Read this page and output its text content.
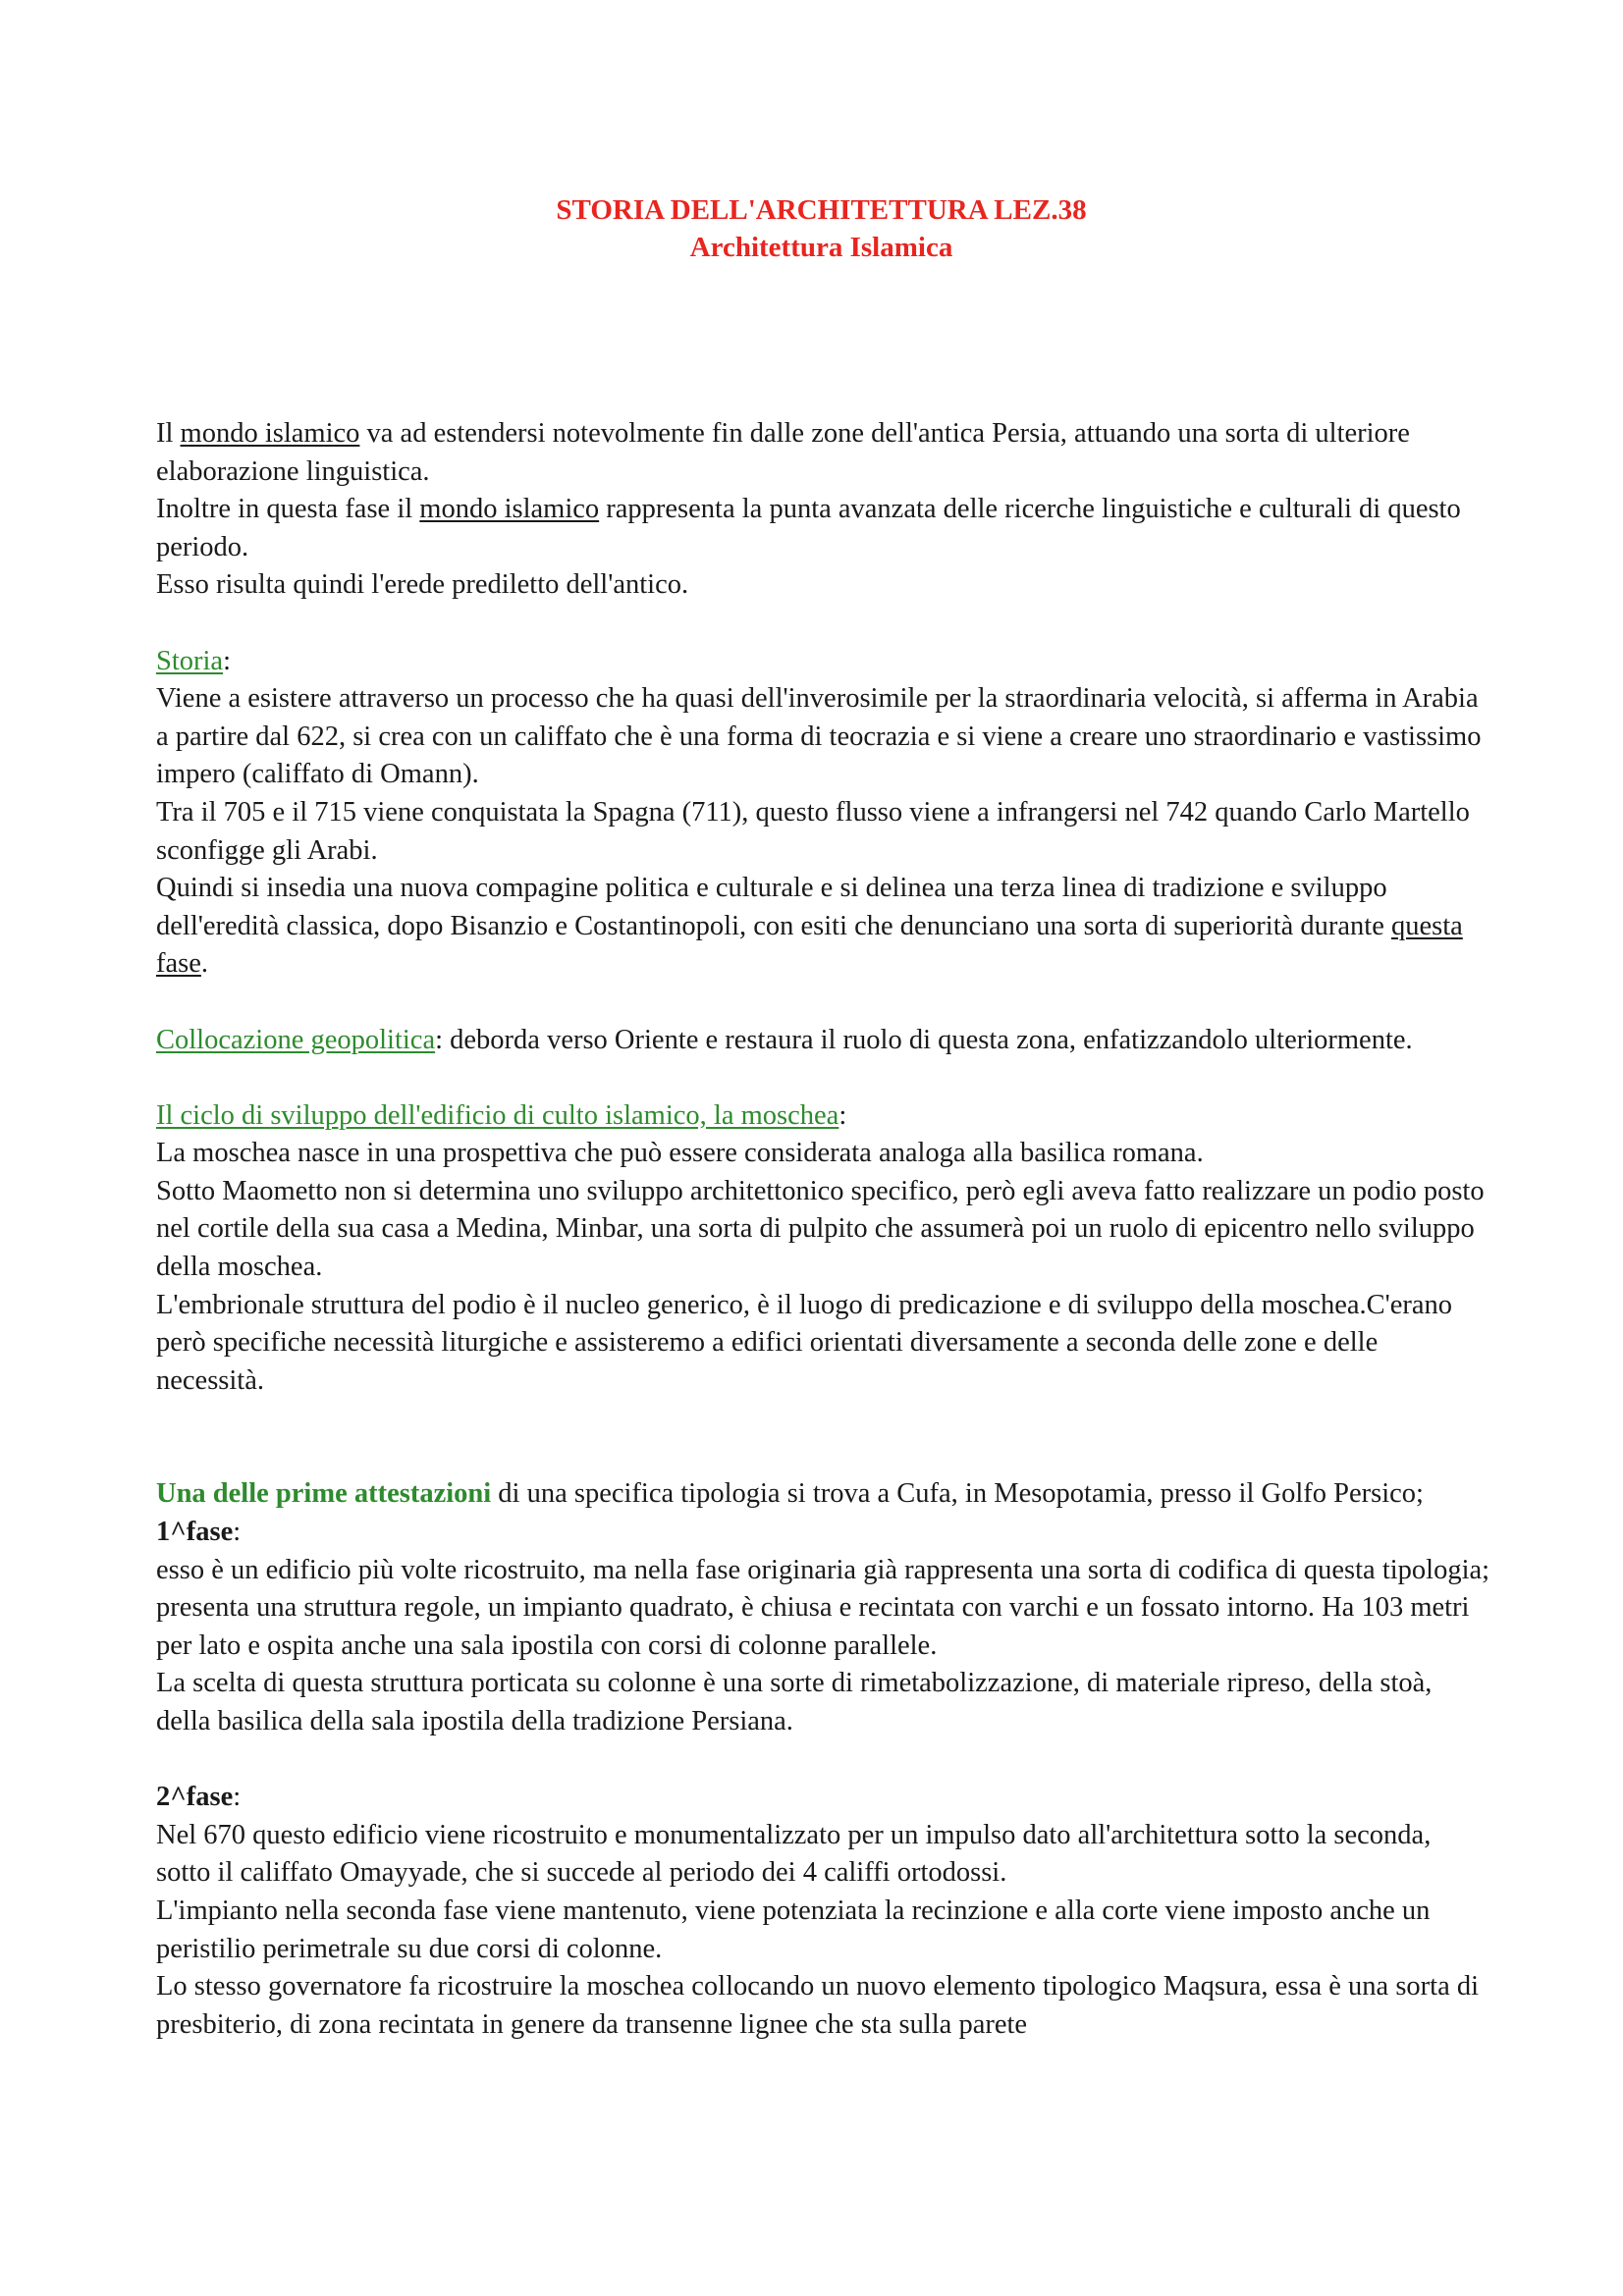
STORIA DELL'ARCHITETTURA LEZ.38
Architettura Islamica

Il mondo islamico va ad estendersi notevolmente fin dalle zone dell'antica Persia, attuando una sorta di ulteriore elaborazione linguistica.

Inoltre in questa fase il mondo islamico rappresenta la punta avanzata delle ricerche linguistiche e culturali di questo periodo.

Esso risulta quindi l'erede prediletto dell'antico.

Storia:

Viene a esistere attraverso un processo che ha quasi dell'inverosimile per la straordinaria velocità, si afferma in Arabia a partire dal 622, si crea con un califfato che è una forma di teocrazia e si viene a creare uno straordinario e vastissimo impero (califfato di Omann).

Tra il 705 e il 715 viene conquistata la Spagna (711), questo flusso viene a infrangersi nel 742 quando Carlo Martello sconfigge gli Arabi.

Quindi si insedia una nuova compagine politica e culturale e si delinea una terza linea di tradizione e sviluppo dell'eredità classica, dopo Bisanzio e Costantinopoli, con esiti che denunciano una sorta di superiorità durante questa fase.

Collocazione geopolitica: deborda verso Oriente e restaura il ruolo di questa zona, enfatizzandolo ulteriormente.

Il ciclo di sviluppo dell'edificio di culto islamico, la moschea:

La moschea nasce in una prospettiva che può essere considerata analoga alla basilica romana.

Sotto Maometto non si determina uno sviluppo architettonico specifico, però egli aveva fatto realizzare un podio posto nel cortile della sua casa a Medina, Minbar, una sorta di pulpito che assumerà poi un ruolo di epicentro nello sviluppo della moschea.

L'embrionale struttura del podio è il nucleo generico, è il luogo di predicazione e di sviluppo della moschea.C'erano però specifiche necessità liturgiche e assisteremo a edifici orientati diversamente a seconda delle zone e delle necessità.

Una delle prime attestazioni di una specifica tipologia si trova a Cufa, in Mesopotamia, presso il Golfo Persico;

1^fase:

esso è un edificio più volte ricostruito, ma nella fase originaria già rappresenta una sorta di codifica di questa tipologia; presenta una struttura regole, un impianto quadrato, è chiusa e recintata con varchi e un fossato intorno. Ha 103 metri per lato e ospita anche una sala ipostila con corsi di colonne parallele.

La scelta di questa struttura porticata su colonne è una sorte di rimetabolizzazione, di materiale ripreso, della stoà, della basilica della sala ipostila della tradizione Persiana.

2^fase:

Nel 670 questo edificio viene ricostruito e monumentalizzato per un impulso dato all'architettura sotto la seconda, sotto il califfato Omayyade, che si succede al periodo dei 4 califfi ortodossi.

L'impianto nella seconda fase viene mantenuto, viene potenziata la recinzione e alla corte viene imposto anche un peristilio perimetrale su due corsi di colonne.

Lo stesso governatore fa ricostruire la moschea collocando un nuovo elemento tipologico Maqsura, essa è una sorta di presbiterio, di zona recintata in genere da transenne lignee che sta sulla parete
